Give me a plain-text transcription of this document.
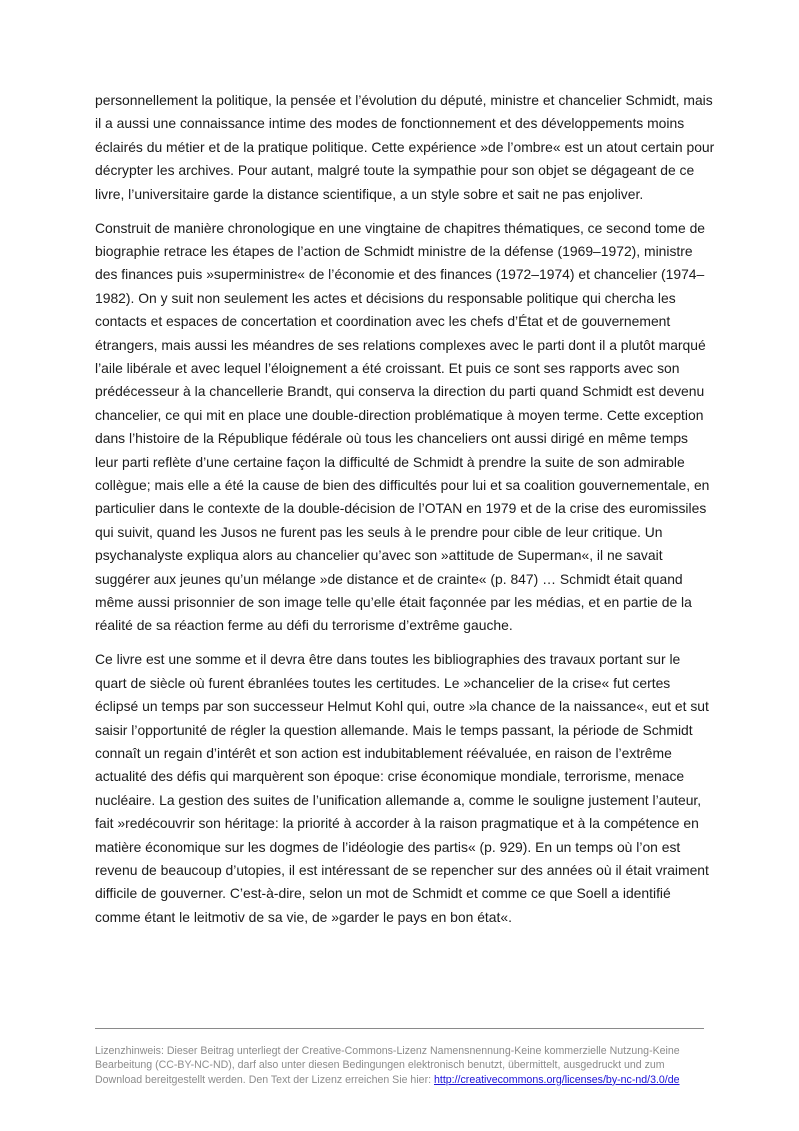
personnellement la politique, la pensée et l’évolution du député, ministre et chancelier Schmidt, mais il a aussi une connaissance intime des modes de fonctionnement et des développements moins éclairés du métier et de la pratique politique. Cette expérience »de l’ombre« est un atout certain pour décrypter les archives. Pour autant, malgré toute la sympathie pour son objet se dégageant de ce livre, l’universitaire garde la distance scientifique, a un style sobre et sait ne pas enjoliver.

Construit de manière chronologique en une vingtaine de chapitres thématiques, ce second tome de biographie retrace les étapes de l’action de Schmidt ministre de la défense (1969–1972), ministre des finances puis »superministre« de l’économie et des finances (1972–1974) et chancelier (1974–1982). On y suit non seulement les actes et décisions du responsable politique qui chercha les contacts et espaces de concertation et coordination avec les chefs d’État et de gouvernement étrangers, mais aussi les méandres de ses relations complexes avec le parti dont il a plutôt marqué l’aile libérale et avec lequel l’éloignement a été croissant. Et puis ce sont ses rapports avec son prédécesseur à la chancellerie Brandt, qui conserva la direction du parti quand Schmidt est devenu chancelier, ce qui mit en place une double-direction problématique à moyen terme. Cette exception dans l’histoire de la République fédérale où tous les chanceliers ont aussi dirigé en même temps leur parti reflète d’une certaine façon la difficulté de Schmidt à prendre la suite de son admirable collègue; mais elle a été la cause de bien des difficultés pour lui et sa coalition gouvernementale, en particulier dans le contexte de la double-décision de l’OTAN en 1979 et de la crise des euromissiles qui suivit, quand les Jusos ne furent pas les seuls à le prendre pour cible de leur critique. Un psychanalyste expliqua alors au chancelier qu’avec son »attitude de Superman«, il ne savait suggérer aux jeunes qu’un mélange »de distance et de crainte« (p. 847) … Schmidt était quand même aussi prisonnier de son image telle qu’elle était façonnée par les médias, et en partie de la réalité de sa réaction ferme au défi du terrorisme d’extrême gauche.

Ce livre est une somme et il devra être dans toutes les bibliographies des travaux portant sur le quart de siècle où furent ébranlées toutes les certitudes. Le »chancelier de la crise« fut certes éclipsé un temps par son successeur Helmut Kohl qui, outre »la chance de la naissance«, eut et sut saisir l’opportunité de régler la question allemande. Mais le temps passant, la période de Schmidt connaît un regain d’intérêt et son action est indubitablement réévaluée, en raison de l’extrême actualité des défis qui marquèrent son époque: crise économique mondiale, terrorisme, menace nucléaire. La gestion des suites de l’unification allemande a, comme le souligne justement l’auteur, fait »redécouvrir son héritage: la priorité à accorder à la raison pragmatique et à la compétence en matière économique sur les dogmes de l’idéologie des partis« (p. 929). En un temps où l’on est revenu de beaucoup d’utopies, il est intéressant de se repencher sur des années où il était vraiment difficile de gouverner. C’est-à-dire, selon un mot de Schmidt et comme ce que Soell a identifié comme étant le leitmotiv de sa vie, de »garder le pays en bon état«.

Lizenzhinweis: Dieser Beitrag unterliegt der Creative-Commons-Lizenz Namensnennung-Keine kommerzielle Nutzung-Keine Bearbeitung (CC-BY-NC-ND), darf also unter diesen Bedingungen elektronisch benutzt, übermittelt, ausgedruckt und zum Download bereitgestellt werden. Den Text der Lizenz erreichen Sie hier: http://creativecommons.org/licenses/by-nc-nd/3.0/de
